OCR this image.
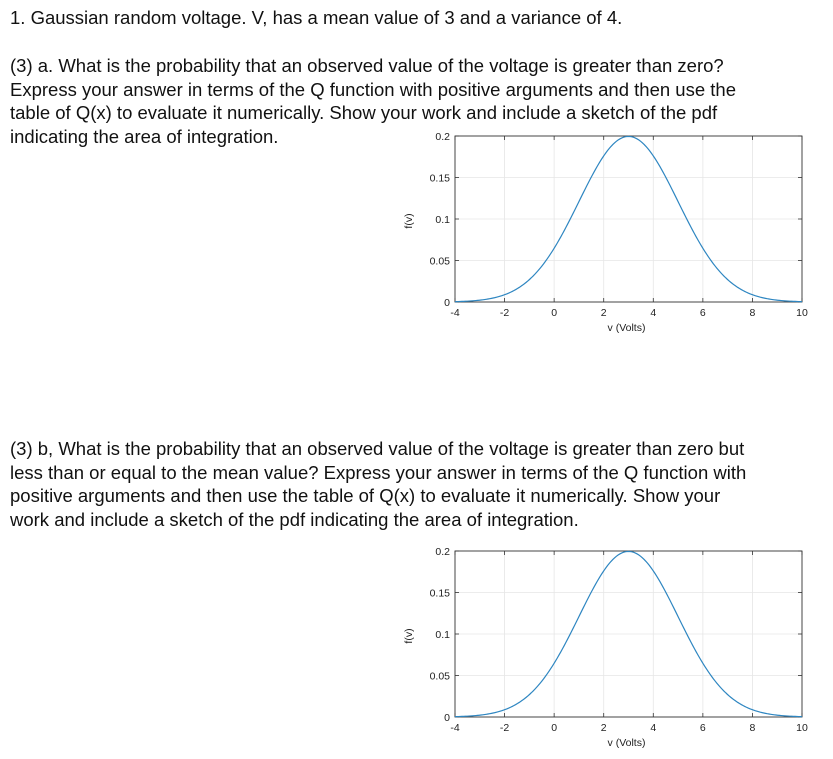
1. Gaussian random voltage. V, has a mean value of 3 and a variance of 4.

(3) a. What is the probability that an observed value of the voltage is greater than zero?
Express your answer in terms of the Q function with positive arguments and then use the
table of Q(x) to evaluate it numerically. Show your work and include a sketch of the pdf
indicating the area of integration.

(3) b, What is the probability that an observed value of the voltage is greater than zero but
less than or equal to the mean value? Express your answer in terms of the Q function with
positive arguments and then use the table of Q(x) to evaluate it numerically. Show your
work and include a sketch of the pdf indicating the area of integration.

-4	-2	0	2	4	6	8	10
0
0.05
0.1
0.15
0.2
v (Volts)
f(v)
-4	-2	0	2	4	6	8	10
0
0.05
0.1
0.15
0.2
v (Volts)
f(v)
